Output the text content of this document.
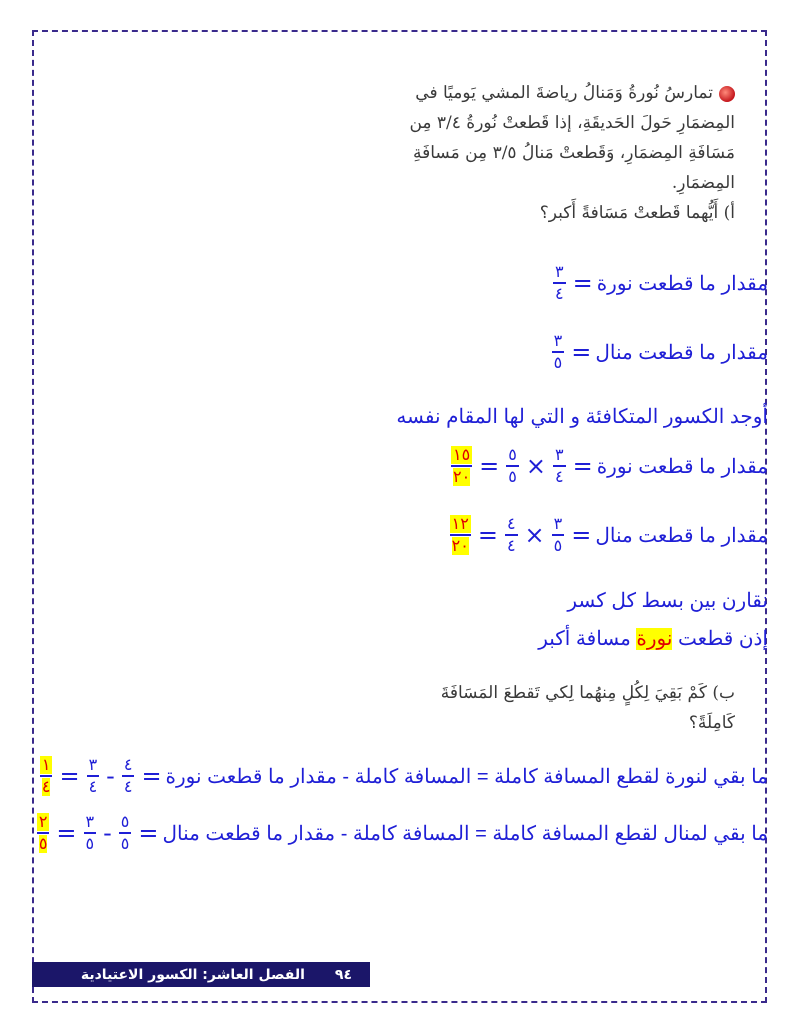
تمارسُ نُورةُ وَمَنالُ رياضةَ المشي يَوميًا في
المِضمَارِ حَولَ الحَديقَةِ، إذا قَطعتْ نُورةُ ٣/٤ مِن
مَسَافَةِ المِضمَارِ، وَقَطعتْ مَنالُ ٣/٥ مِن مَسافَةِ
المِضمَارِ.
أ) أَيُّهما قَطعتْ مَسَافةً أَكبر؟
مقدار ما قطعت نورة
=
$\frac{٣}{٤}$
مقدار ما قطعت منال
=
$\frac{٣}{٥}$
أوجد الكسور المتكافئة و التي لها المقام نفسه
مقدار ما قطعت نورة
=
$\frac{٣}{٤}$
×
$\frac{٥}{٥}$
=
$\frac{١٥}{٢٠}$
مقدار ما قطعت منال
=
$\frac{٣}{٥}$
×
$\frac{٤}{٤}$
=
$\frac{١٢}{٢٠}$
نقارن بين بسط كل كسر
إذن قطعت نورة مسافة أكبر
ب) كَمْ بَقِيَ لِكُلٍ مِنهُما لِكي تَقطعَ المَسَافَةَ
كَامِلَةً؟
ما بقي لنورة لقطع المسافة كاملة = المسافة كاملة - مقدار ما قطعت نورة
=
$\frac{٤}{٤}$
-
$\frac{٣}{٤}$
=
$\frac{١}{٤}$
ما بقي لمنال لقطع المسافة كاملة = المسافة كاملة - مقدار ما قطعت منال
=
$\frac{٥}{٥}$
-
$\frac{٣}{٥}$
=
$\frac{٢}{٥}$
٩٤
الفصل العاشر: الكسور الاعتيادية
